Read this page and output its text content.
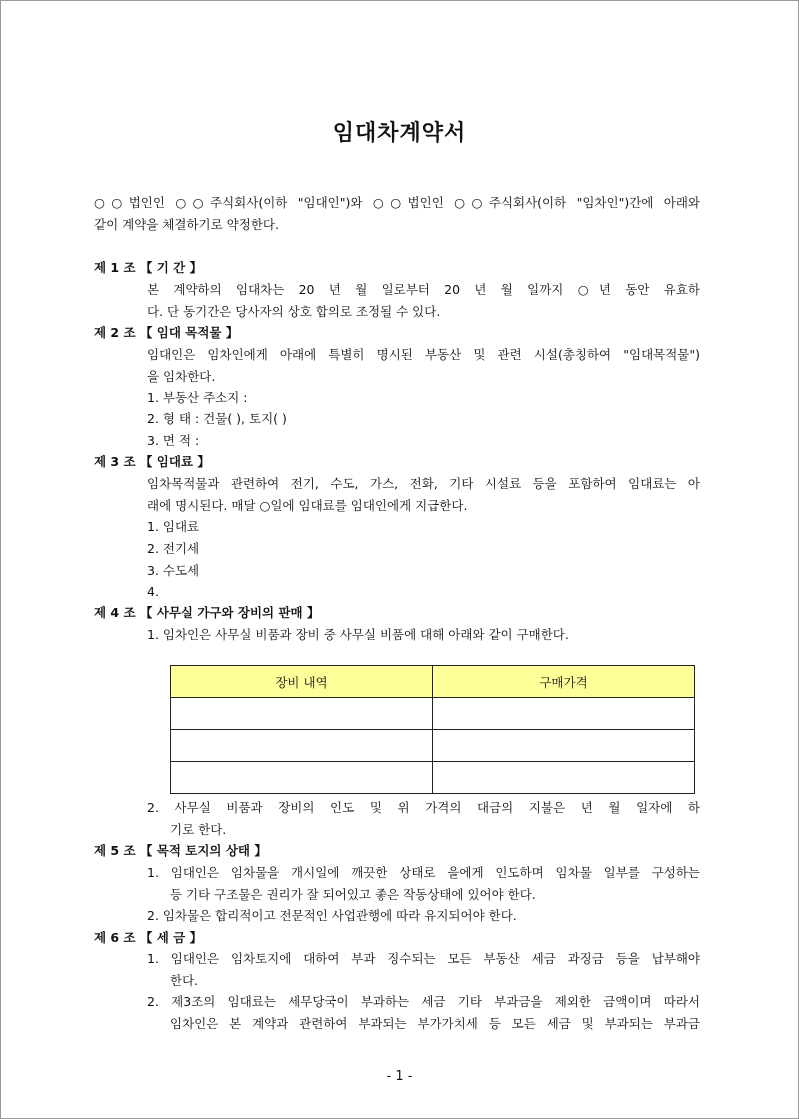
임대차계약서
○○법인인 ○○주식회사(이하 "임대인")와 ○○법인인 ○○주식회사(이하 "임차인")간에 아래와
같이 계약을 체결하기로 약정한다.
제 1 조 【 기 간 】
본 계약하의 임대차는 20 년 월 일로부터 20 년 월 일까지 ○년 동안 유효하
다. 단 동기간은 당사자의 상호 합의로 조정될 수 있다.
제 2 조 【 임대 목적물 】
임대인은 임차인에게 아래에 특별히 명시된 부동산 및 관련 시설(총칭하여 "임대목적물")
을 임차한다.
1. 부동산 주소지 :
2. 형 태 : 건물( ), 토지( )
3. 면 적 :
제 3 조 【 임대료 】
임차목적물과 관련하여 전기, 수도, 가스, 전화, 기타 시설료 등을 포함하여 임대료는 아
래에 명시된다. 매달 ○일에 임대료를 임대인에게 지급한다.
1. 임대료
2. 전기세
3. 수도세
4.
제 4 조 【 사무실 가구와 장비의 판매 】
1. 임차인은 사무실 비품과 장비 중 사무실 비품에 대해 아래와 같이 구매한다.
장비 내역	구매가격

2. 사무실 비품과 장비의 인도 및 위 가격의 대금의 지불은 년 월 일자에 하
기로 한다.
제 5 조 【 목적 토지의 상태 】
1. 임대인은 임차물을 개시일에 깨끗한 상태로 을에게 인도하며 임차물 일부를 구성하는
등 기타 구조물은 권리가 잘 되어있고 좋은 작동상태에 있어야 한다.
2. 임차물은 합리적이고 전문적인 사업관행에 따라 유지되어야 한다.
제 6 조 【 세 금 】
1. 임대인은 임차토지에 대하여 부과 징수되는 모든 부동산 세금 과징금 등을 납부해야
한다.
2. 제3조의 임대료는 세무당국이 부과하는 세금 기타 부과금을 제외한 금액이며 따라서
임차인은 본 계약과 관련하여 부과되는 부가가치세 등 모든 세금 및 부과되는 부과금
- 1 -
